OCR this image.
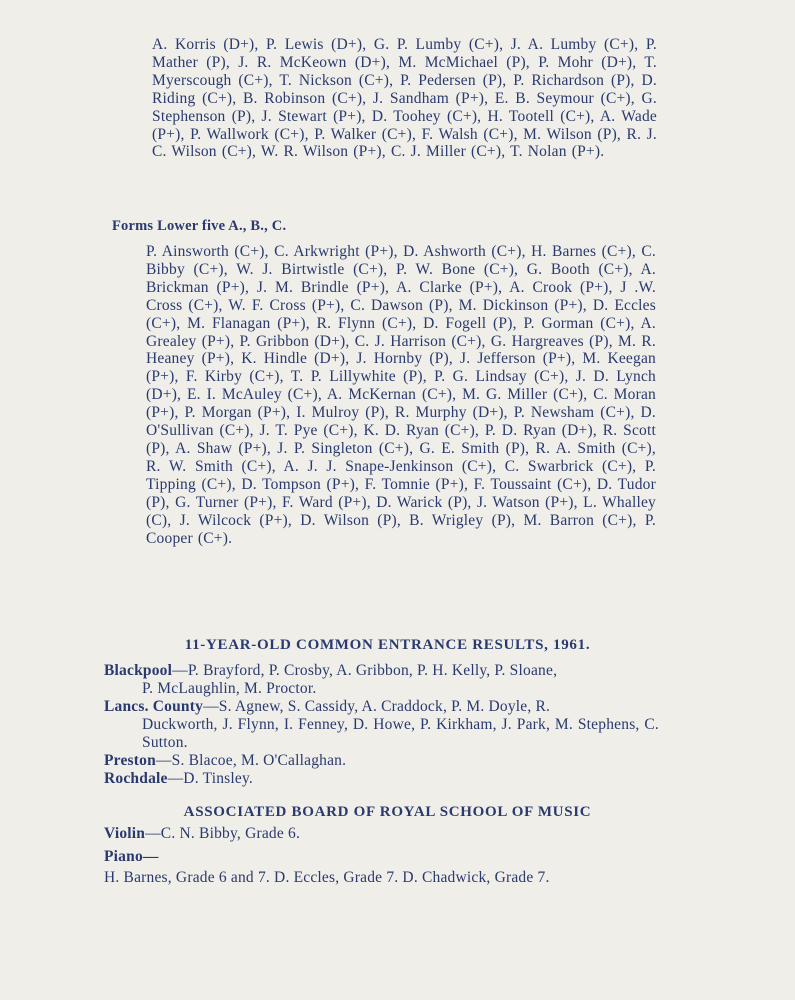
A. Korris (D+), P. Lewis (D+), G. P. Lumby (C+), J. A. Lumby (C+), P. Mather (P), J. R. McKeown (D+), M. McMichael (P), P. Mohr (D+), T. Myerscough (C+), T. Nickson (C+), P. Pedersen (P), P. Richardson (P), D. Riding (C+), B. Robinson (C+), J. Sandham (P+), E. B. Seymour (C+), G. Stephenson (P), J. Stewart (P+), D. Toohey (C+), H. Tootell (C+), A. Wade (P+), P. Wallwork (C+), P. Walker (C+), F. Walsh (C+), M. Wilson (P), R. J. C. Wilson (C+), W. R. Wilson (P+), C. J. Miller (C+), T. Nolan (P+).
Forms Lower five A., B., C.
P. Ainsworth (C+), C. Arkwright (P+), D. Ashworth (C+), H. Barnes (C+), C. Bibby (C+), W. J. Birtwistle (C+), P. W. Bone (C+), G. Booth (C+), A. Brickman (P+), J. M. Brindle (P+), A. Clarke (P+), A. Crook (P+), J .W. Cross (C+), W. F. Cross (P+), C. Dawson (P), M. Dickinson (P+), D. Eccles (C+), M. Flanagan (P+), R. Flynn (C+), D. Fogell (P), P. Gorman (C+), A. Grealey (P+), P. Gribbon (D+), C. J. Harrison (C+), G. Hargreaves (P), M. R. Heaney (P+), K. Hindle (D+), J. Hornby (P), J. Jefferson (P+), M. Keegan (P+), F. Kirby (C+), T. P. Lillywhite (P), P. G. Lindsay (C+), J. D. Lynch (D+), E. I. McAuley (C+), A. McKernan (C+), M. G. Miller (C+), C. Moran (P+), P. Morgan (P+), I. Mulroy (P), R. Murphy (D+), P. Newsham (C+), D. O'Sullivan (C+), J. T. Pye (C+), K. D. Ryan (C+), P. D. Ryan (D+), R. Scott (P), A. Shaw (P+), J. P. Singleton (C+), G. E. Smith (P), R. A. Smith (C+), R. W. Smith (C+), A. J. J. Snape-Jenkinson (C+), C. Swarbrick (C+), P. Tipping (C+), D. Tompson (P+), F. Tomnie (P+), F. Toussaint (C+), D. Tudor (P), G. Turner (P+), F. Ward (P+), D. Warick (P), J. Watson (P+), L. Whalley (C), J. Wilcock (P+), D. Wilson (P), B. Wrigley (P), M. Barron (C+), P. Cooper (C+).
11-YEAR-OLD COMMON ENTRANCE RESULTS, 1961.
Blackpool—P. Brayford, P. Crosby, A. Gribbon, P. H. Kelly, P. Sloane,
P. McLaughlin, M. Proctor.
Lancs. County—S. Agnew, S. Cassidy, A. Craddock, P. M. Doyle, R.
Duckworth, J. Flynn, I. Fenney, D. Howe, P. Kirkham, J. Park, M. Stephens, C. Sutton.
Preston—S. Blacoe, M. O'Callaghan.
Rochdale—D. Tinsley.
ASSOCIATED BOARD OF ROYAL SCHOOL OF MUSIC
Violin—C. N. Bibby, Grade 6.
Piano—
H. Barnes, Grade 6 and 7. D. Eccles, Grade 7. D. Chadwick, Grade 7.
